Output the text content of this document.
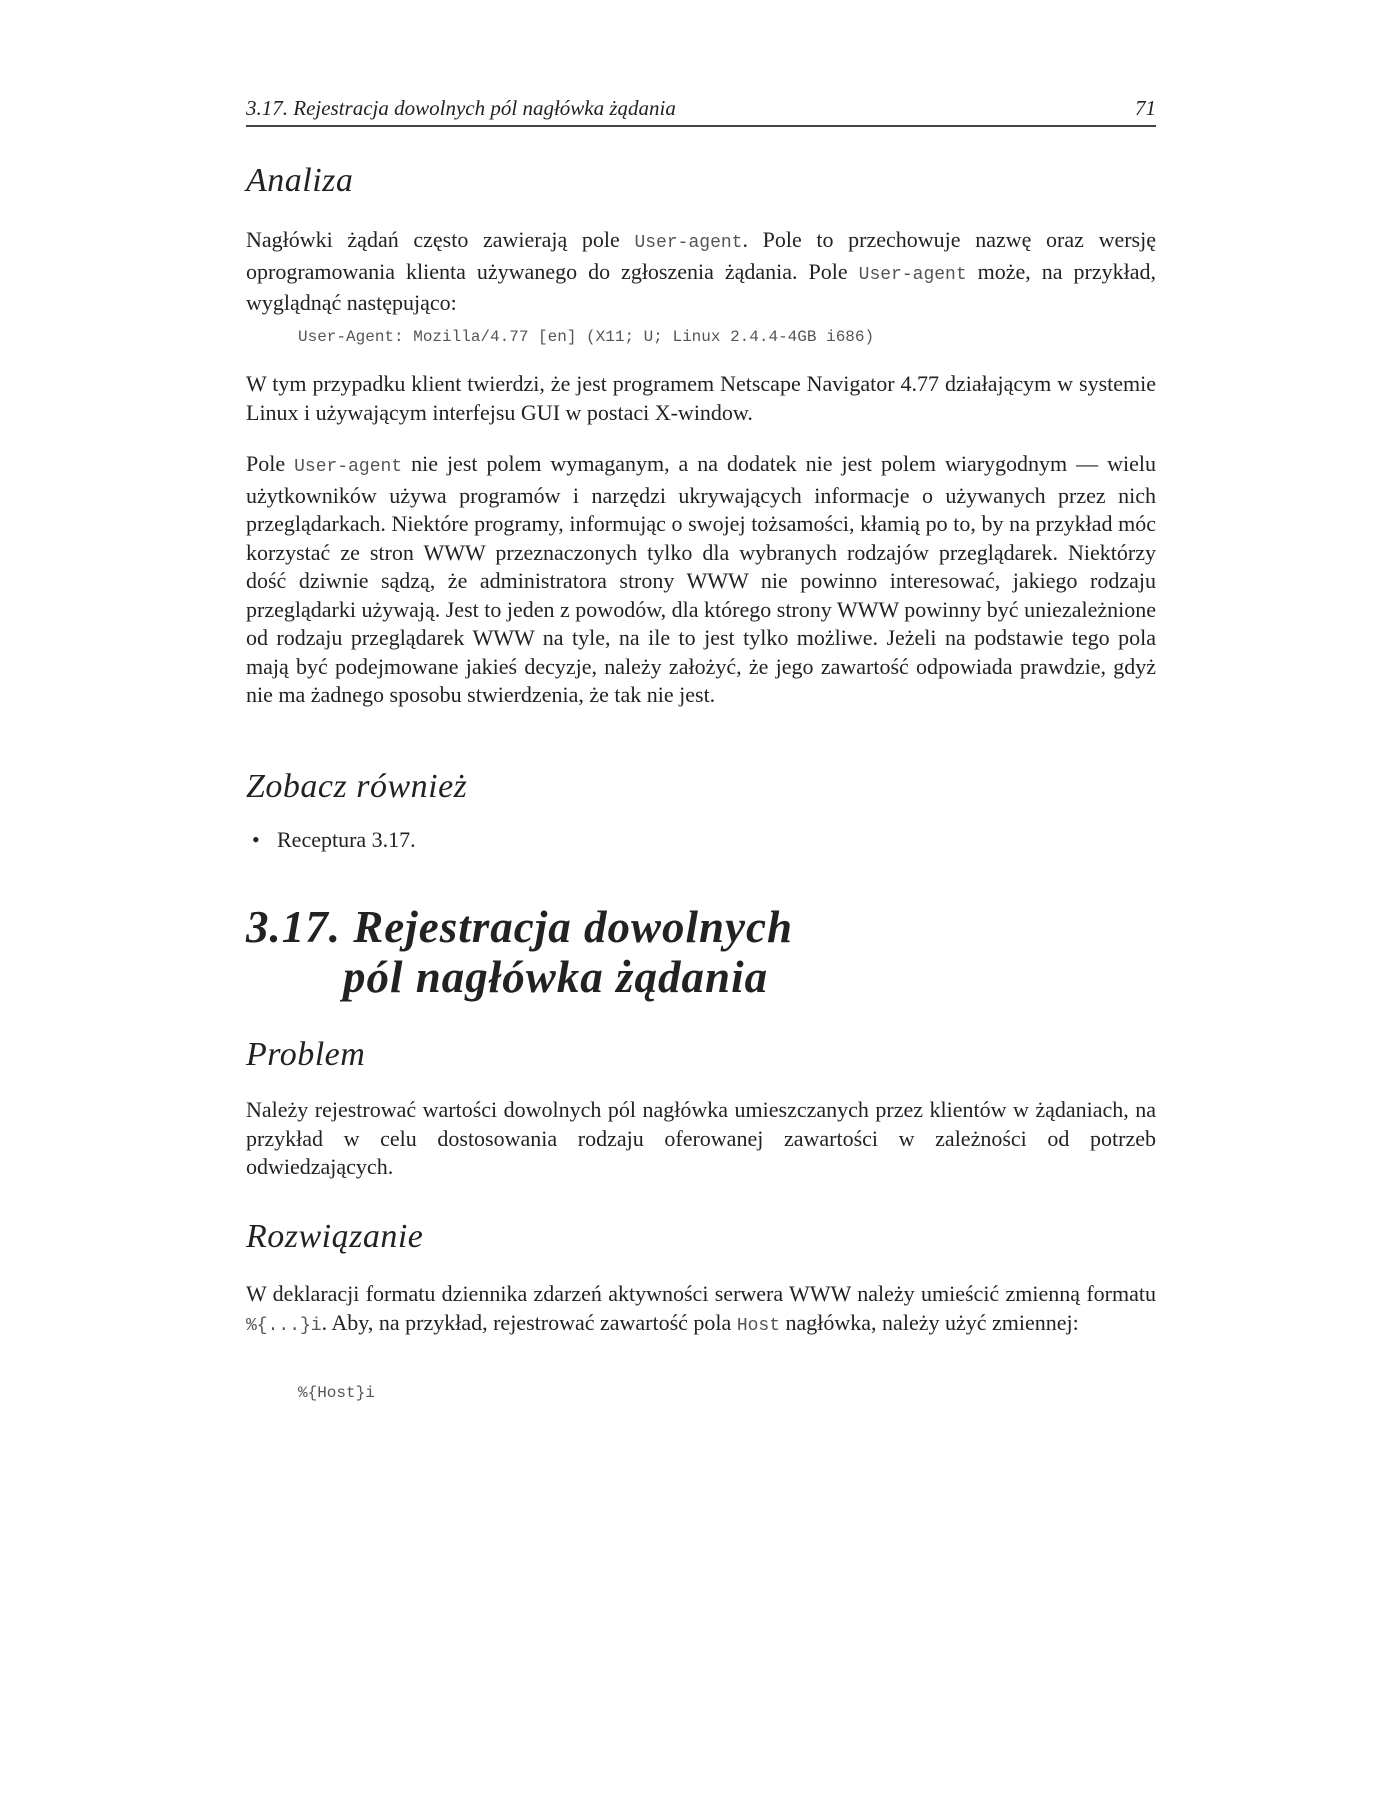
3.17. Rejestracja dowolnych pól nagłówka żądania	71
Analiza

Nagłówki żądań często zawierają pole User-agent. Pole to przechowuje nazwę oraz wersję oprogramowania klienta używanego do zgłoszenia żądania. Pole User-agent może, na przykład, wyglądnąć następująco:

User-Agent: Mozilla/4.77 [en] (X11; U; Linux 2.4.4-4GB i686)

W tym przypadku klient twierdzi, że jest programem Netscape Navigator 4.77 działającym w systemie Linux i używającym interfejsu GUI w postaci X-window.

Pole User-agent nie jest polem wymaganym, a na dodatek nie jest polem wiarygodnym — wielu użytkowników używa programów i narzędzi ukrywających informacje o używanych przez nich przeglądarkach. Niektóre programy, informując o swojej tożsamości, kłamią po to, by na przykład móc korzystać ze stron WWW przeznaczonych tylko dla wybranych rodzajów przeglądarek. Niektórzy dość dziwnie sądzą, że administratora strony WWW nie powinno interesować, jakiego rodzaju przeglądarki używają. Jest to jeden z powodów, dla którego strony WWW powinny być uniezależnione od rodzaju przeglądarek WWW na tyle, na ile to jest tylko możliwe. Jeżeli na podstawie tego pola mają być podejmowane jakieś decyzje, należy założyć, że jego zawartość odpowiada prawdzie, gdyż nie ma żadnego sposobu stwierdzenia, że tak nie jest.

Zobacz również
• Receptura 3.17.
3.17. Rejestracja dowolnych
pól nagłówka żądania
Problem

Należy rejestrować wartości dowolnych pól nagłówka umieszczanych przez klientów w żądaniach, na przykład w celu dostosowania rodzaju oferowanej zawartości w zależności od potrzeb odwiedzających.

Rozwiązanie

W deklaracji formatu dziennika zdarzeń aktywności serwera WWW należy umieścić zmienną formatu %{...}i. Aby, na przykład, rejestrować zawartość pola Host nagłówka, należy użyć zmiennej:

%{Host}i
